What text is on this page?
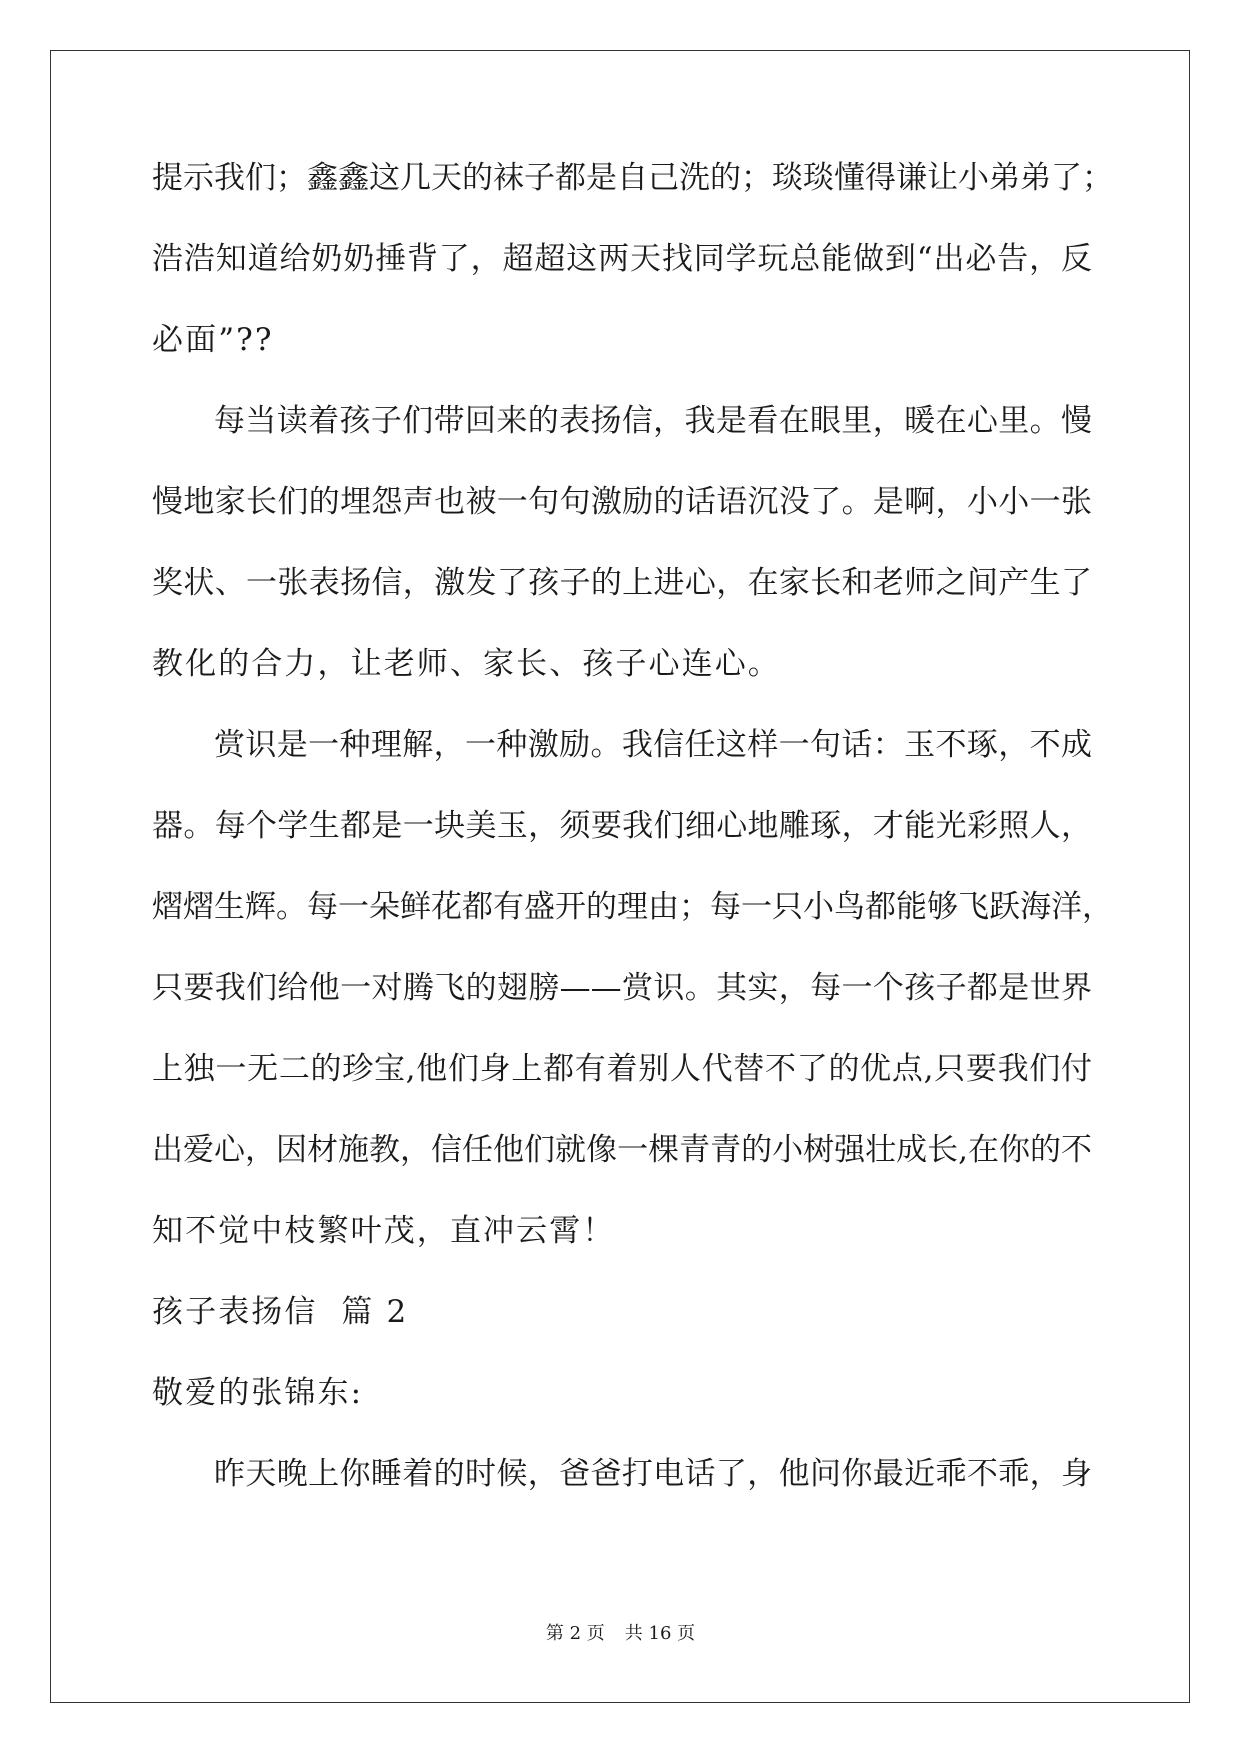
提示我们；鑫鑫这几天的袜子都是自己洗的；琰琰懂得谦让小弟弟了；
浩浩知道给奶奶捶背了，超超这两天找同学玩总能做到“出必告，反
必面”??
每当读着孩子们带回来的表扬信，我是看在眼里，暖在心里。慢
慢地家长们的埋怨声也被一句句激励的话语沉没了。是啊，小小一张
奖状、一张表扬信，激发了孩子的上进心，在家长和老师之间产生了
教化的合力，让老师、家长、孩子心连心。
赏识是一种理解，一种激励。我信任这样一句话：玉不琢，不成
器。每个学生都是一块美玉，须要我们细心地雕琢，才能光彩照人，
熠熠生辉。每一朵鲜花都有盛开的理由；每一只小鸟都能够飞跃海洋，
只要我们给他一对腾飞的翅膀——赏识。其实，每一个孩子都是世界
上独一无二的珍宝,他们身上都有着别人代替不了的优点,只要我们付
出爱心，因材施教，信任他们就像一棵青青的小树强壮成长,在你的不
知不觉中枝繁叶茂，直冲云霄！
孩子表扬信  篇 2
敬爱的张锦东:
昨天晚上你睡着的时候，爸爸打电话了，他问你最近乖不乖，身
第 2 页 共 16 页
